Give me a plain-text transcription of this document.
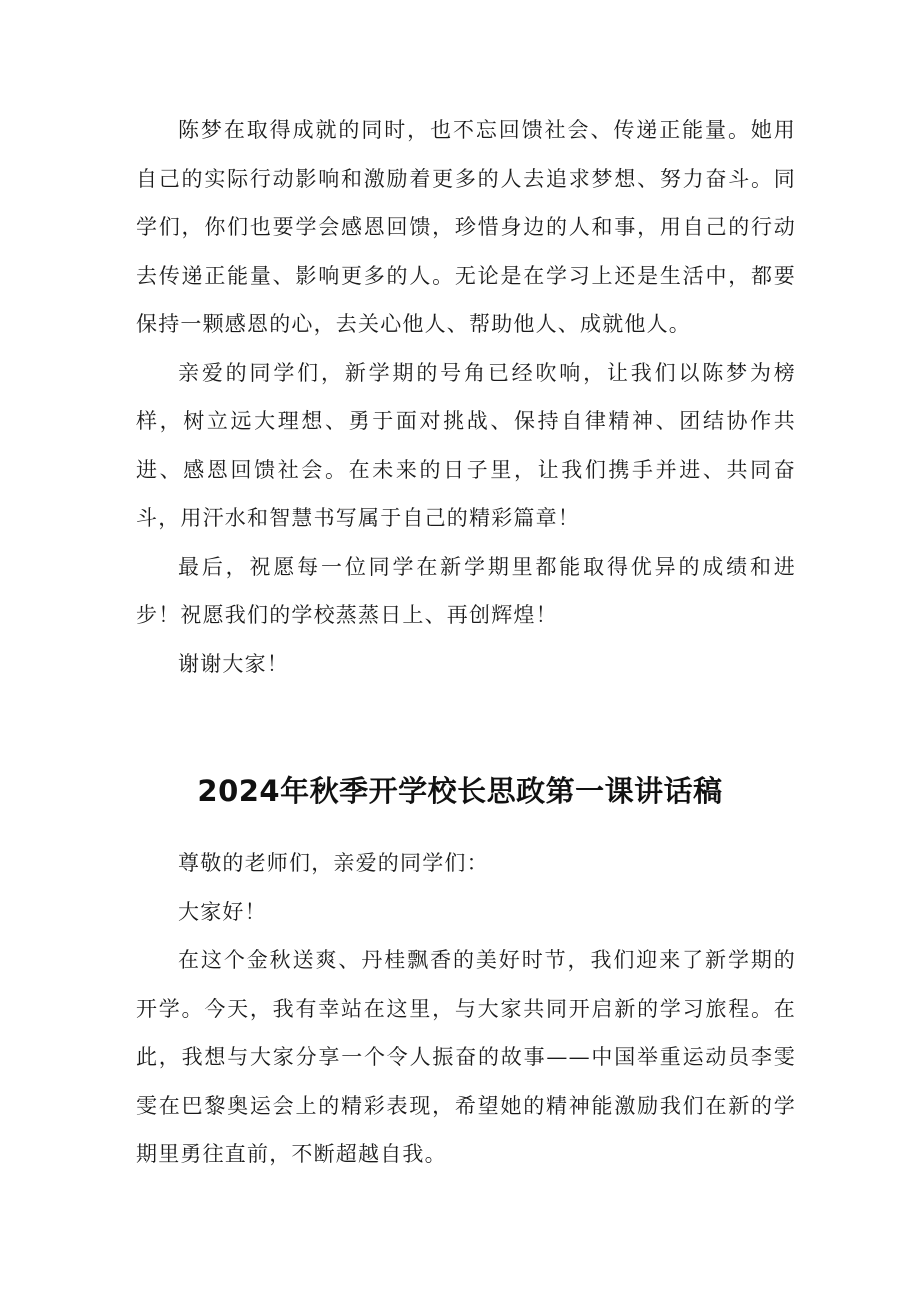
陈梦在取得成就的同时，也不忘回馈社会、传递正能量。她用自己的实际行动影响和激励着更多的人去追求梦想、努力奋斗。同学们，你们也要学会感恩回馈，珍惜身边的人和事，用自己的行动去传递正能量、影响更多的人。无论是在学习上还是生活中，都要保持一颗感恩的心，去关心他人、帮助他人、成就他人。

亲爱的同学们，新学期的号角已经吹响，让我们以陈梦为榜样，树立远大理想、勇于面对挑战、保持自律精神、团结协作共进、感恩回馈社会。在未来的日子里，让我们携手并进、共同奋斗，用汗水和智慧书写属于自己的精彩篇章！

最后，祝愿每一位同学在新学期里都能取得优异的成绩和进步！祝愿我们的学校蒸蒸日上、再创辉煌！

谢谢大家！

2024年秋季开学校长思政第一课讲话稿

尊敬的老师们，亲爱的同学们：

大家好！

在这个金秋送爽、丹桂飘香的美好时节，我们迎来了新学期的开学。今天，我有幸站在这里，与大家共同开启新的学习旅程。在此，我想与大家分享一个令人振奋的故事——中国举重运动员李雯雯在巴黎奥运会上的精彩表现，希望她的精神能激励我们在新的学期里勇往直前，不断超越自我。
